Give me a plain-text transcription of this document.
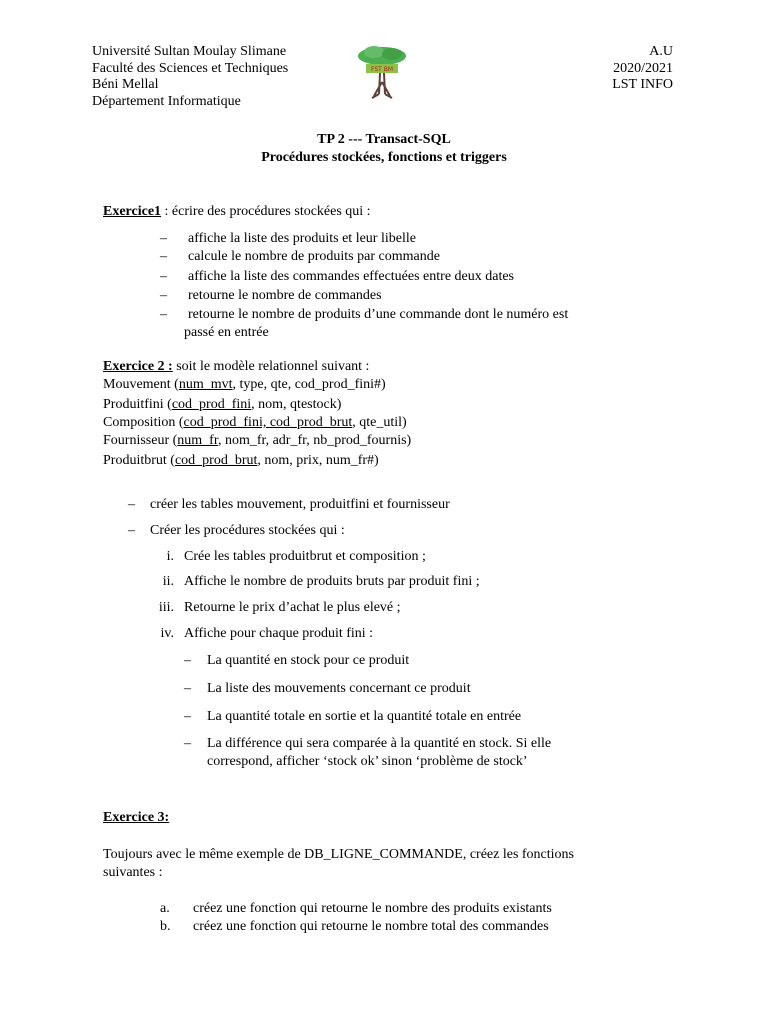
Université Sultan Moulay Slimane
Faculté des Sciences et Techniques
Béni Mellal
Département Informatique
FST BM
A.U
2020/2021
LST INFO
TP 2 --- Transact-SQL
Procédures stockées, fonctions et triggers
Exercice1 : écrire des procédures stockées qui :
– affiche la liste des produits et leur libelle
– calcule le nombre de produits par commande
– affiche la liste des commandes effectuées entre deux dates
– retourne le nombre de commandes
– retourne le nombre de produits d’une commande dont le numéro est
passé en entrée
Exercice 2 : soit le modèle relationnel suivant :
Mouvement (num_mvt, type, qte, cod_prod_fini#)
Produitfini (cod_prod_fini, nom, qtestock)
Composition (cod_prod_fini, cod_prod_brut, qte_util)
Fournisseur (num_fr, nom_fr, adr_fr, nb_prod_fournis)
Produitbrut (cod_prod_brut, nom, prix, num_fr#)
– créer les tables mouvement, produitfini et fournisseur
– Créer les procédures stockées qui :
i. Crée les tables produitbrut et composition ;
ii. Affiche le nombre de produits bruts par produit fini ;
iii. Retourne le prix d’achat le plus elevé ;
iv. Affiche pour chaque produit fini :
– La quantité en stock pour ce produit
– La liste des mouvements concernant ce produit
– La quantité totale en sortie et la quantité totale en entrée
– La différence qui sera comparée à la quantité en stock. Si elle
correspond, afficher ‘stock ok’ sinon ‘problème de stock’
Exercice 3:
Toujours avec le même exemple de DB_LIGNE_COMMANDE, créez les fonctions
suivantes :
a. créez une fonction qui retourne le nombre des produits existants
b. créez une fonction qui retourne le nombre total des commandes
